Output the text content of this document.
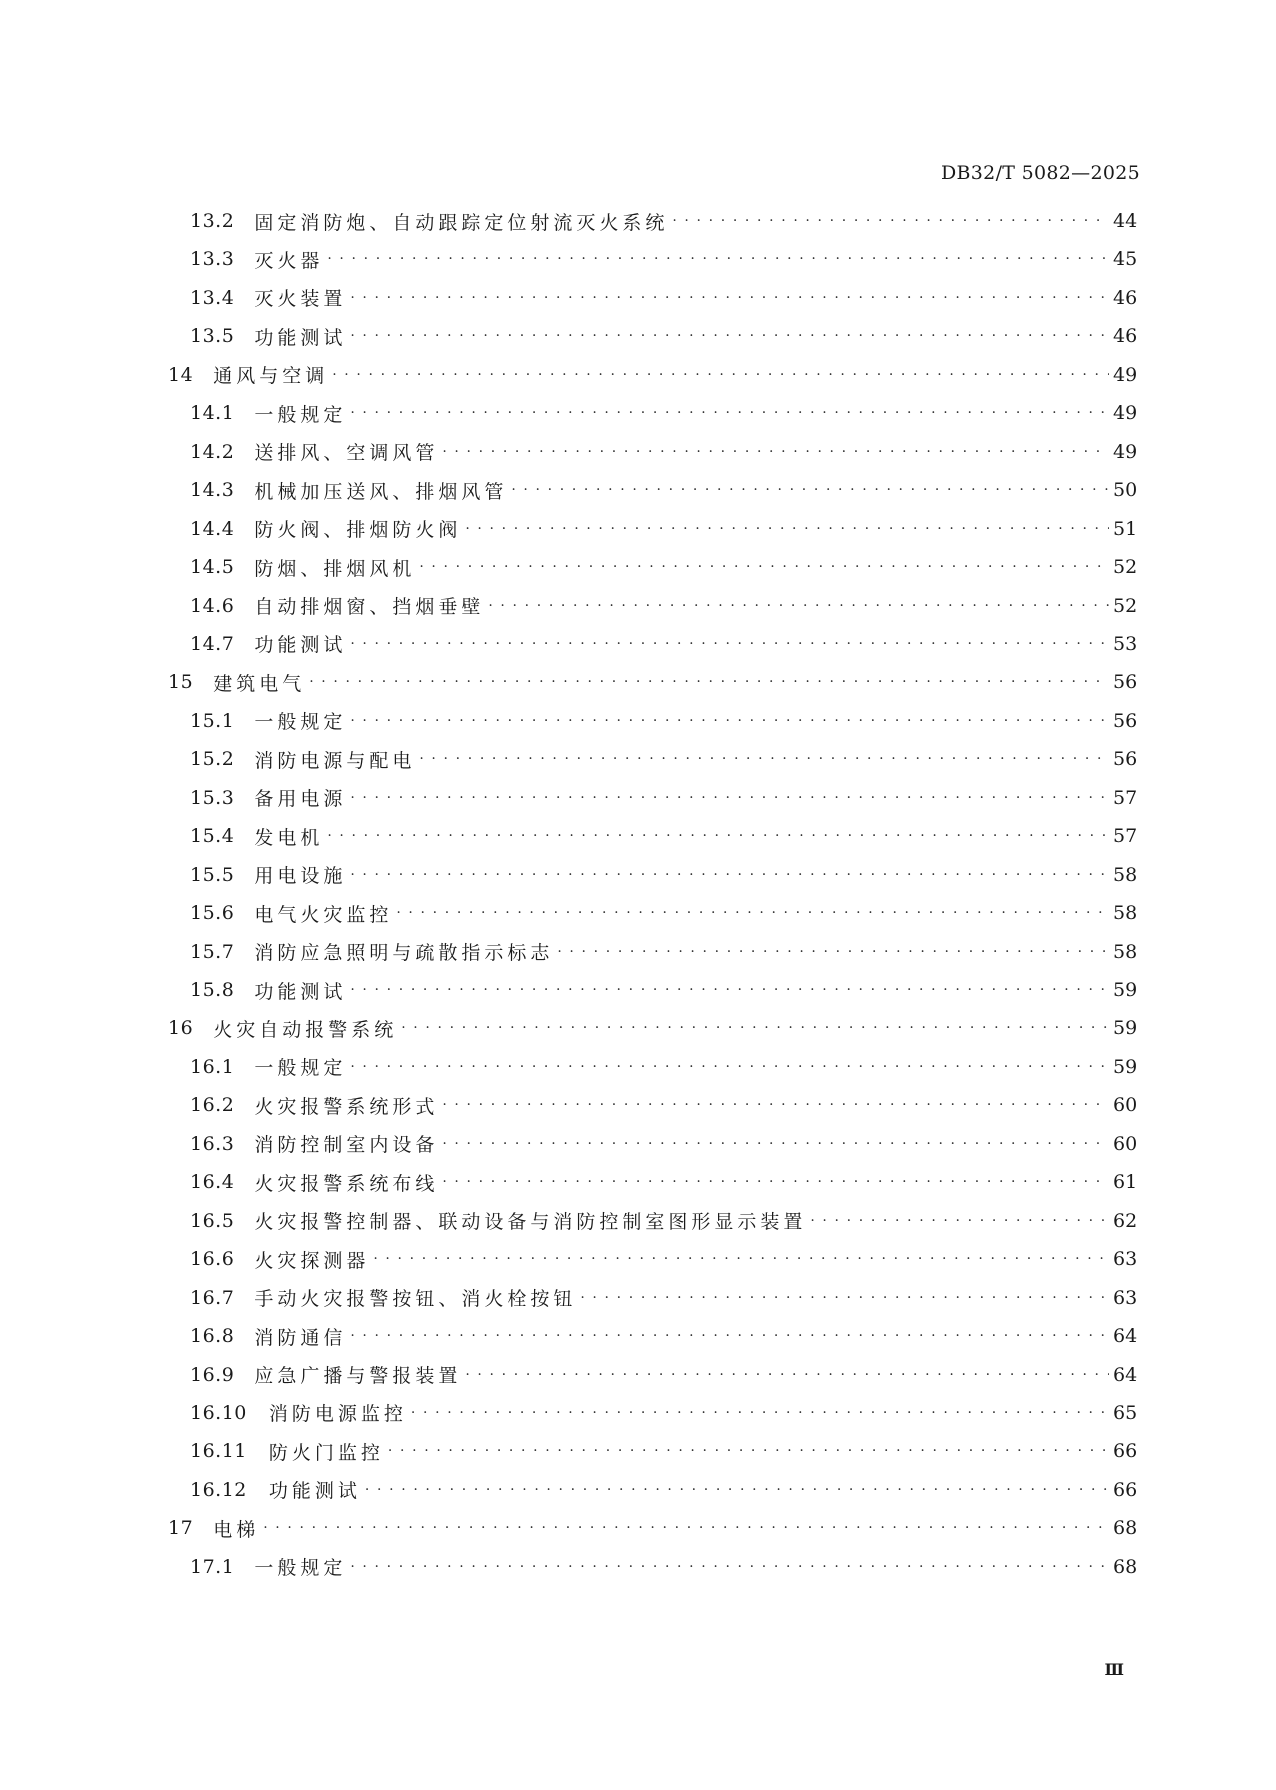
DB32/T 5082—2025
13.2 固定消防炮、自动跟踪定位射流灭火系统 · · ·	44
13.3 灭火器 · · ·	45
13.4 灭火装置 · · ·	46
13.5 功能测试 · · ·	46
14 通风与空调 · · ·	49
14.1 一般规定 · · ·	49
14.2 送排风、空调风管 · · ·	49
14.3 机械加压送风、排烟风管 · · ·	50
14.4 防火阀、排烟防火阀 · · ·	51
14.5 防烟、排烟风机 · · ·	52
14.6 自动排烟窗、挡烟垂壁 · · ·	52
14.7 功能测试 · · ·	53
15 建筑电气 · · ·	56
15.1 一般规定 · · ·	56
15.2 消防电源与配电 · · ·	56
15.3 备用电源 · · ·	57
15.4 发电机 · · ·	57
15.5 用电设施 · · ·	58
15.6 电气火灾监控 · · ·	58
15.7 消防应急照明与疏散指示标志 · · ·	58
15.8 功能测试 · · ·	59
16 火灾自动报警系统 · · ·	59
16.1 一般规定 · · ·	59
16.2 火灾报警系统形式 · · ·	60
16.3 消防控制室内设备 · · ·	60
16.4 火灾报警系统布线 · · ·	61
16.5 火灾报警控制器、联动设备与消防控制室图形显示装置 · · ·	62
16.6 火灾探测器 · · ·	63
16.7 手动火灾报警按钮、消火栓按钮 · · ·	63
16.8 消防通信 · · ·	64
16.9 应急广播与警报装置 · · ·	64
16.10 消防电源监控 · · ·	65
16.11 防火门监控 · · ·	66
16.12 功能测试 · · ·	66
17 电梯 · · ·	68
17.1 一般规定 · · ·	68
Ⅲ
